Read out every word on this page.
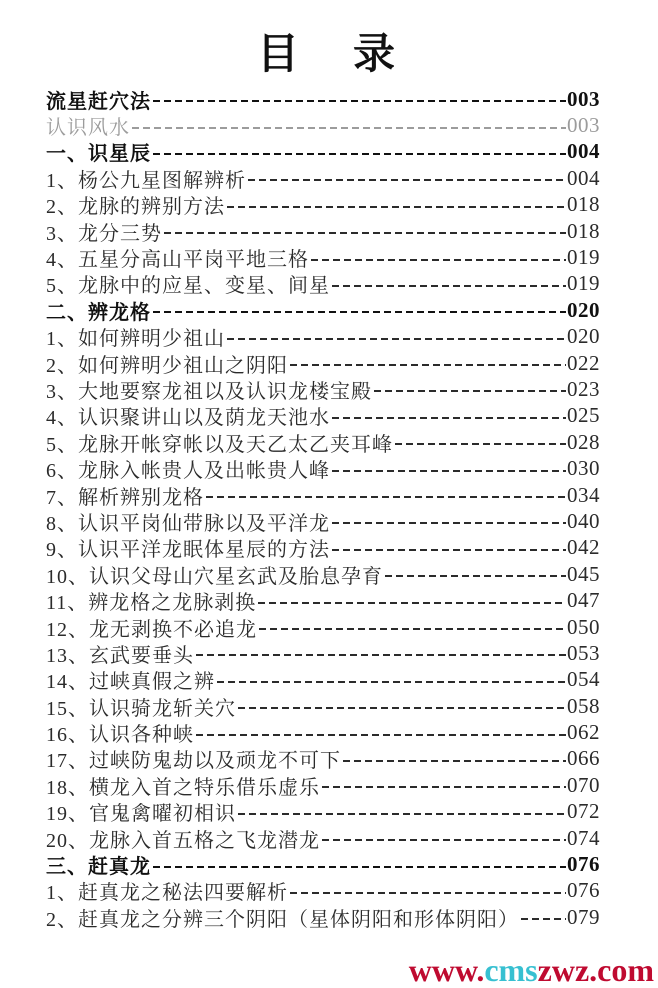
目　录
流星赶穴法	003
认识风水	003
一、识星辰	004
1、杨公九星图解辨析	004
2、龙脉的辨别方法	018
3、龙分三势	018
4、五星分高山平岗平地三格	019
5、龙脉中的应星、变星、间星	019
二、辨龙格	020
1、如何辨明少祖山	020
2、如何辨明少祖山之阴阳	022
3、大地要察龙祖以及认识龙楼宝殿	023
4、认识聚讲山以及荫龙天池水	025
5、龙脉开帐穿帐以及天乙太乙夹耳峰	028
6、龙脉入帐贵人及出帐贵人峰	030
7、解析辨别龙格	034
8、认识平岗仙带脉以及平洋龙	040
9、认识平洋龙眠体星辰的方法	042
10、认识父母山穴星玄武及胎息孕育	045
11、辨龙格之龙脉剥换	047
12、龙无剥换不必追龙	050
13、玄武要垂头	053
14、过峡真假之辨	054
15、认识骑龙斩关穴	058
16、认识各种峡	062
17、过峡防鬼劫以及顽龙不可下	066
18、横龙入首之特乐借乐虚乐	070
19、官鬼禽曜初相识	072
20、龙脉入首五格之飞龙潜龙	074
三、赶真龙	076
1、赶真龙之秘法四要解析	076
2、赶真龙之分辨三个阴阳（星体阴阳和形体阴阳） 079
www.cmszwz.com
